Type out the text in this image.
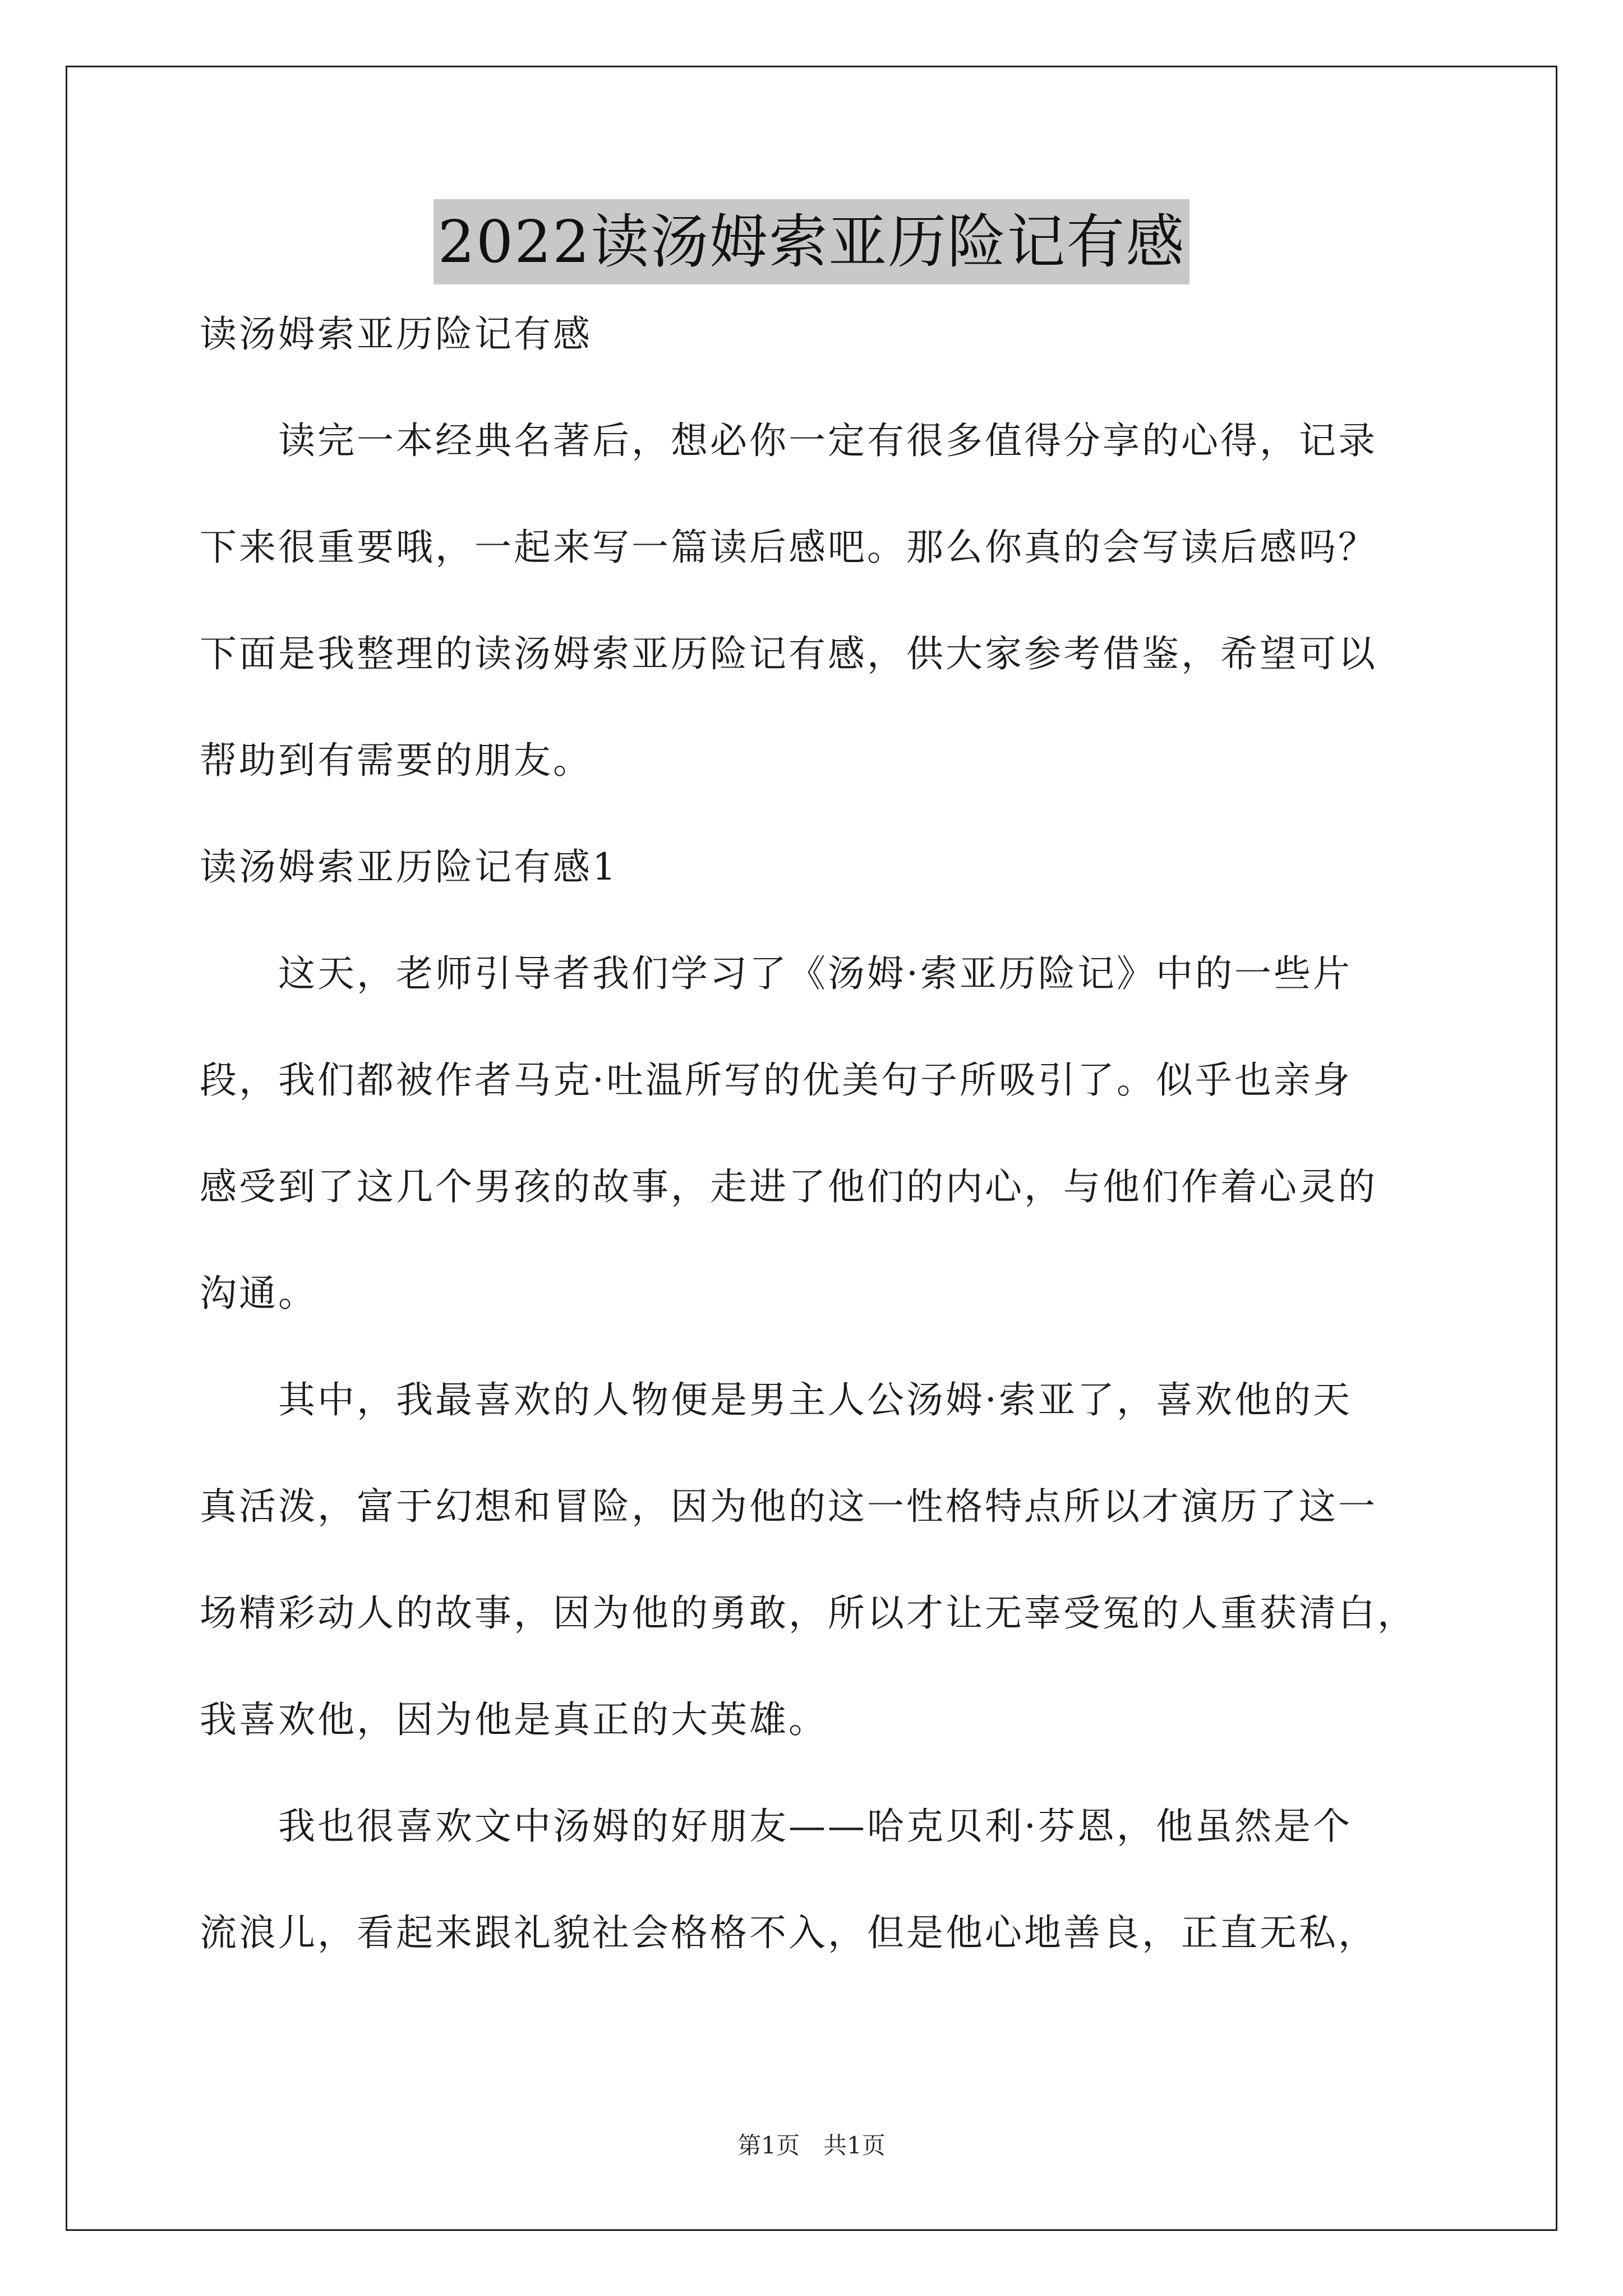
2022读汤姆索亚历险记有感
读汤姆索亚历险记有感
　　读完一本经典名著后，想必你一定有很多值得分享的心得，记录
下来很重要哦，一起来写一篇读后感吧。那么你真的会写读后感吗？
下面是我整理的读汤姆索亚历险记有感，供大家参考借鉴，希望可以
帮助到有需要的朋友。
读汤姆索亚历险记有感1
　　这天，老师引导者我们学习了《汤姆·索亚历险记》中的一些片
段，我们都被作者马克·吐温所写的优美句子所吸引了。似乎也亲身
感受到了这几个男孩的故事，走进了他们的内心，与他们作着心灵的
沟通。
　　其中，我最喜欢的人物便是男主人公汤姆·索亚了，喜欢他的天
真活泼，富于幻想和冒险，因为他的这一性格特点所以才演历了这一
场精彩动人的故事，因为他的勇敢，所以才让无辜受冤的人重获清白，
我喜欢他，因为他是真正的大英雄。
　　我也很喜欢文中汤姆的好朋友——哈克贝利·芬恩，他虽然是个
流浪儿，看起来跟礼貌社会格格不入，但是他心地善良，正直无私，
第1页　共1页
